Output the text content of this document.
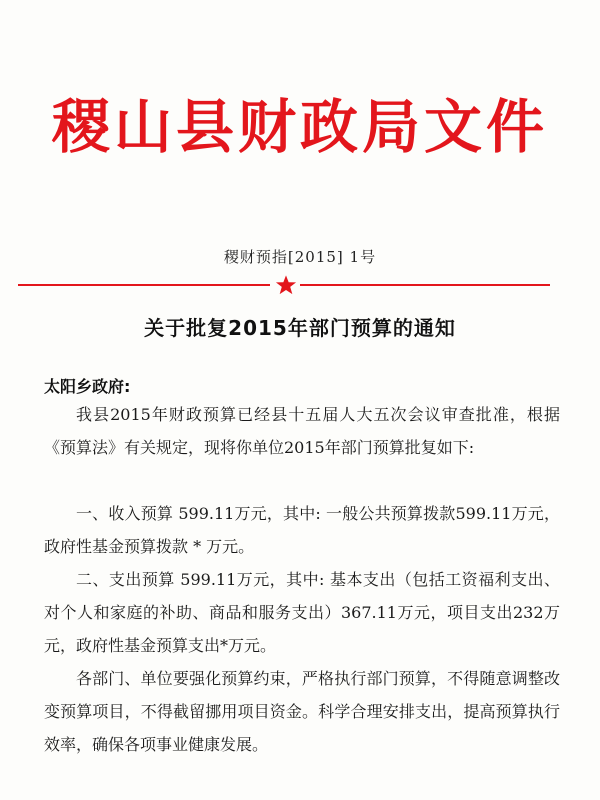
稷山县财政局文件
稷财预指[2015] 1号
关于批复2015年部门预算的通知
太阳乡政府:
我县2015年财政预算已经县十五届人大五次会议审查批准，根据《预算法》有关规定，现将你单位2015年部门预算批复如下:
一、收入预算 599.11万元，其中: 一般公共预算拨款599.11万元，政府性基金预算拨款 * 万元。
二、支出预算 599.11万元，其中: 基本支出（包括工资福利支出、对个人和家庭的补助、商品和服务支出）367.11万元，项目支出232万元，政府性基金预算支出*万元。
各部门、单位要强化预算约束，严格执行部门预算，不得随意调整改变预算项目，不得截留挪用项目资金。科学合理安排支出，提高预算执行效率，确保各项事业健康发展。
